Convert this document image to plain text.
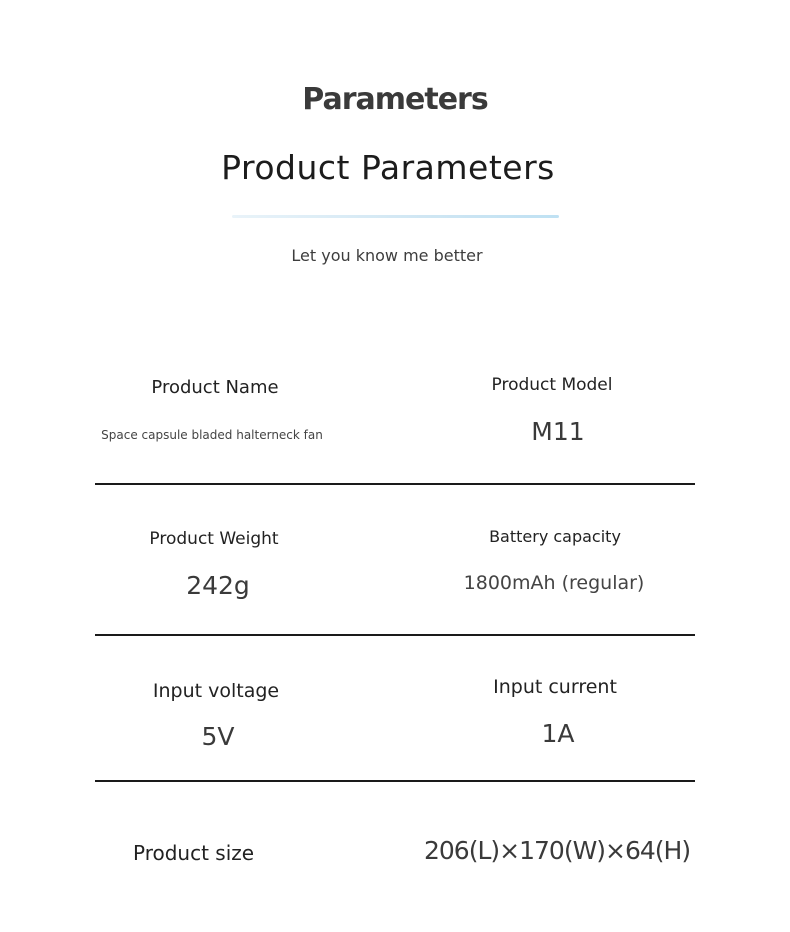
Parameters
Product Parameters
Let you know me better
Product Name
Space capsule bladed halterneck fan
Product Model
M11
Product Weight
242g
Battery capacity
1800mAh (regular)
Input voltage
5V
Input current
1A
Product size	206(L)×170(W)×64(H)
